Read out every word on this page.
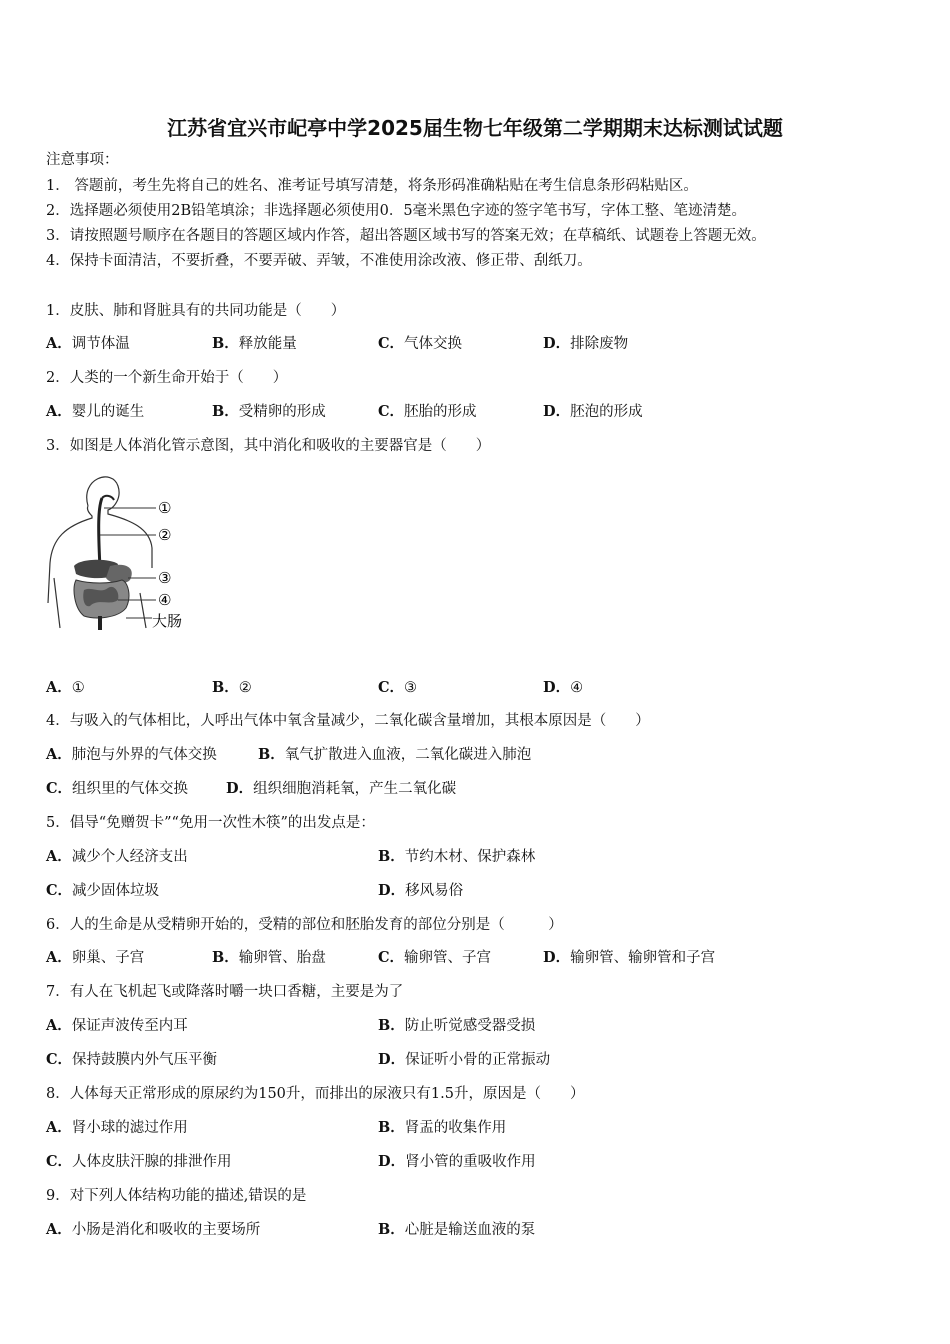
江苏省宜兴市屺亭中学2025届生物七年级第二学期期末达标测试试题
注意事项：
1． 答题前，考生先将自己的姓名、准考证号填写清楚，将条形码准确粘贴在考生信息条形码粘贴区。
2．选择题必须使用2B铅笔填涂；非选择题必须使用0．5毫米黑色字迹的签字笔书写，字体工整、笔迹清楚。
3．请按照题号顺序在各题目的答题区域内作答，超出答题区域书写的答案无效；在草稿纸、试题卷上答题无效。
4．保持卡面清洁，不要折叠，不要弄破、弄皱，不准使用涂改液、修正带、刮纸刀。
1．皮肤、肺和肾脏具有的共同功能是（　　）
A．调节体温	B．释放能量	C．气体交换	D．排除废物
2．人类的一个新生命开始于（　　）
A．婴儿的诞生	B．受精卵的形成	C．胚胎的形成	D．胚泡的形成
3．如图是人体消化管示意图，其中消化和吸收的主要器官是（　　）
①
②
③
④
大肠
A．①	B．②	C．③	D．④
4．与吸入的气体相比，人呼出气体中氧含量减少，二氧化碳含量增加，其根本原因是（　　）
A．肺泡与外界的气体交换	B．氧气扩散进入血液，二氧化碳进入肺泡
C．组织里的气体交换	D．组织细胞消耗氧，产生二氧化碳
5．倡导“免赠贺卡”“免用一次性木筷”的出发点是：
A．减少个人经济支出	B．节约木材、保护森林
C．减少固体垃圾	D．移风易俗
6．人的生命是从受精卵开始的，受精的部位和胚胎发育的部位分别是（　　　）
A．卵巢、子宫	B．输卵管、胎盘	C．输卵管、子宫	D．输卵管、输卵管和子宫
7．有人在飞机起飞或降落时嚼一块口香糖，主要是为了
A．保证声波传至内耳	B．防止听觉感受器受损
C．保持鼓膜内外气压平衡	D．保证听小骨的正常振动
8．人体每天正常形成的原尿约为150升，而排出的尿液只有1.5升，原因是（　　）
A．肾小球的滤过作用	B．肾盂的收集作用
C．人体皮肤汗腺的排泄作用	D．肾小管的重吸收作用
9．对下列人体结构功能的描述,错误的是
A．小肠是消化和吸收的主要场所	B．心脏是输送血液的泵
